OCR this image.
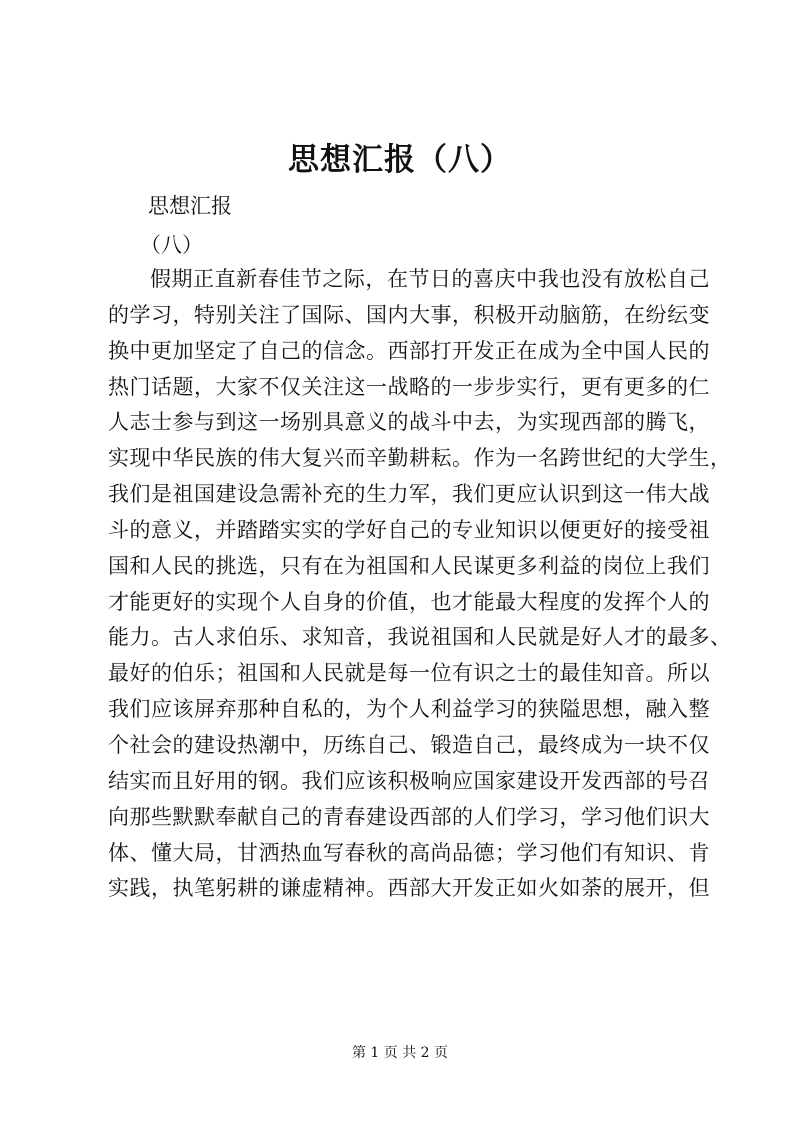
思想汇报（八）
思想汇报
（八）
假期正直新春佳节之际，在节日的喜庆中我也没有放松自己
的学习，特别关注了国际、国内大事，积极开动脑筋，在纷纭变
换中更加坚定了自己的信念。西部打开发正在成为全中国人民的
热门话题，大家不仅关注这一战略的一步步实行，更有更多的仁
人志士参与到这一场别具意义的战斗中去，为实现西部的腾飞，
实现中华民族的伟大复兴而辛勤耕耘。作为一名跨世纪的大学生，
我们是祖国建设急需补充的生力军，我们更应认识到这一伟大战
斗的意义，并踏踏实实的学好自己的专业知识以便更好的接受祖
国和人民的挑选，只有在为祖国和人民谋更多利益的岗位上我们
才能更好的实现个人自身的价值，也才能最大程度的发挥个人的
能力。古人求伯乐、求知音，我说祖国和人民就是好人才的最多、
最好的伯乐；祖国和人民就是每一位有识之士的最佳知音。所以
我们应该屏弃那种自私的，为个人利益学习的狭隘思想，融入整
个社会的建设热潮中，历练自己、锻造自己，最终成为一块不仅
结实而且好用的钢。我们应该积极响应国家建设开发西部的号召
向那些默默奉献自己的青春建设西部的人们学习，学习他们识大
体、懂大局，甘洒热血写春秋的高尚品德；学习他们有知识、肯
实践，执笔躬耕的谦虚精神。西部大开发正如火如荼的展开，但
第 1 页 共 2 页
